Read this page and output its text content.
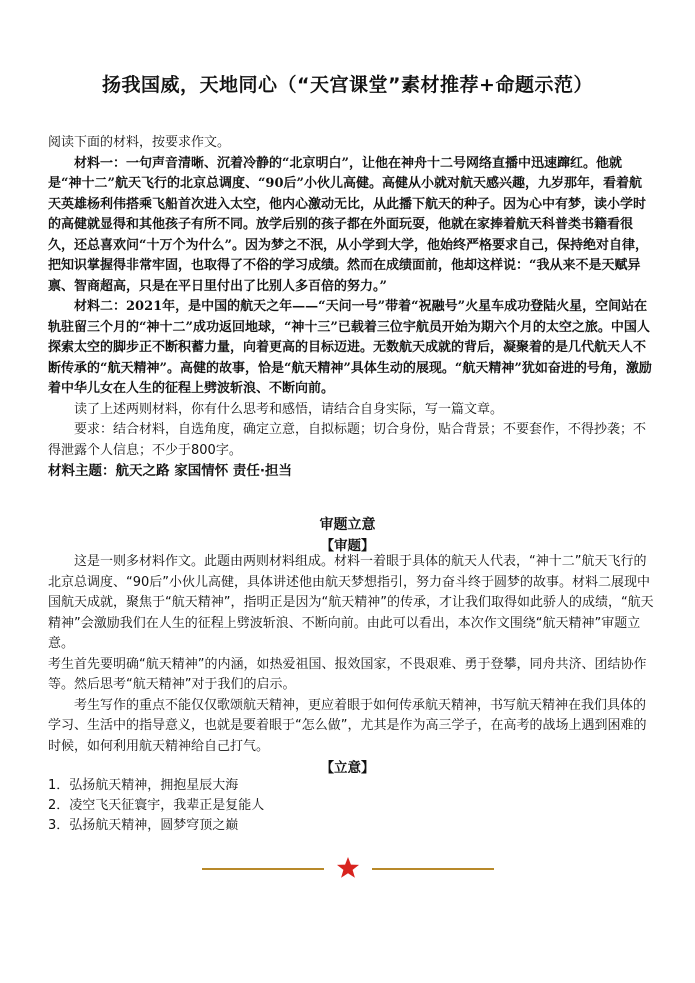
扬我国威，天地同心（“天宫课堂”素材推荐+命题示范）

阅读下面的材料，按要求作文。

材料一：一句声音清晰、沉着冷静的“北京明白”，让他在神舟十二号网络直播中迅速蹿红。他就是“神十二”航天飞行的北京总调度、“90后”小伙儿高健。高健从小就对航天感兴趣，九岁那年，看着航天英雄杨利伟搭乘飞船首次进入太空，他内心激动无比，从此播下航天的种子。因为心中有梦，读小学时的高健就显得和其他孩子有所不同。放学后别的孩子都在外面玩耍，他就在家捧着航天科普类书籍看很久，还总喜欢问“十万个为什么”。因为梦之不泯，从小学到大学，他始终严格要求自己，保持绝对自律，把知识掌握得非常牢固，也取得了不俗的学习成绩。然而在成绩面前，他却这样说：“我从来不是天赋异禀、智商超高，只是在平日里付出了比别人多百倍的努力。”

材料二：2021年，是中国的航天之年——“天问一号”带着“祝融号”火星车成功登陆火星，空间站在轨驻留三个月的“神十二”成功返回地球，“神十三”已载着三位宇航员开始为期六个月的太空之旅。中国人探索太空的脚步正不断积蓄力量，向着更高的目标迈进。无数航天成就的背后，凝聚着的是几代航天人不断传承的“航天精神”。高健的故事，恰是“航天精神”具体生动的展现。“航天精神”犹如奋进的号角，激励着中华儿女在人生的征程上劈波斩浪、不断向前。

读了上述两则材料，你有什么思考和感悟，请结合自身实际，写一篇文章。

要求：结合材料，自选角度，确定立意，自拟标题；切合身份，贴合背景；不要套作，不得抄袭；不得泄露个人信息；不少于800字。

材料主题：航天之路 家国情怀 责任·担当

审题立意
【审题】

这是一则多材料作文。此题由两则材料组成。材料一着眼于具体的航天人代表，“神十二”航天飞行的北京总调度、“90后”小伙儿高健，具体讲述他由航天梦想指引，努力奋斗终于圆梦的故事。材料二展现中国航天成就，聚焦于“航天精神”，指明正是因为“航天精神”的传承，才让我们取得如此骄人的成绩，“航天精神”会激励我们在人生的征程上劈波斩浪、不断向前。由此可以看出，本次作文围绕“航天精神”审题立意。

考生首先要明确“航天精神”的内涵，如热爱祖国、报效国家，不畏艰难、勇于登攀，同舟共济、团结协作等。然后思考“航天精神”对于我们的启示。

考生写作的重点不能仅仅歌颂航天精神，更应着眼于如何传承航天精神，书写航天精神在我们具体的学习、生活中的指导意义，也就是要着眼于“怎么做”，尤其是作为高三学子，在高考的战场上遇到困难的时候，如何利用航天精神给自己打气。

【立意】
1．弘扬航天精神，拥抱星辰大海
2．凌空飞天征寰宇，我辈正是复能人
3．弘扬航天精神，圆梦穹顶之巅
